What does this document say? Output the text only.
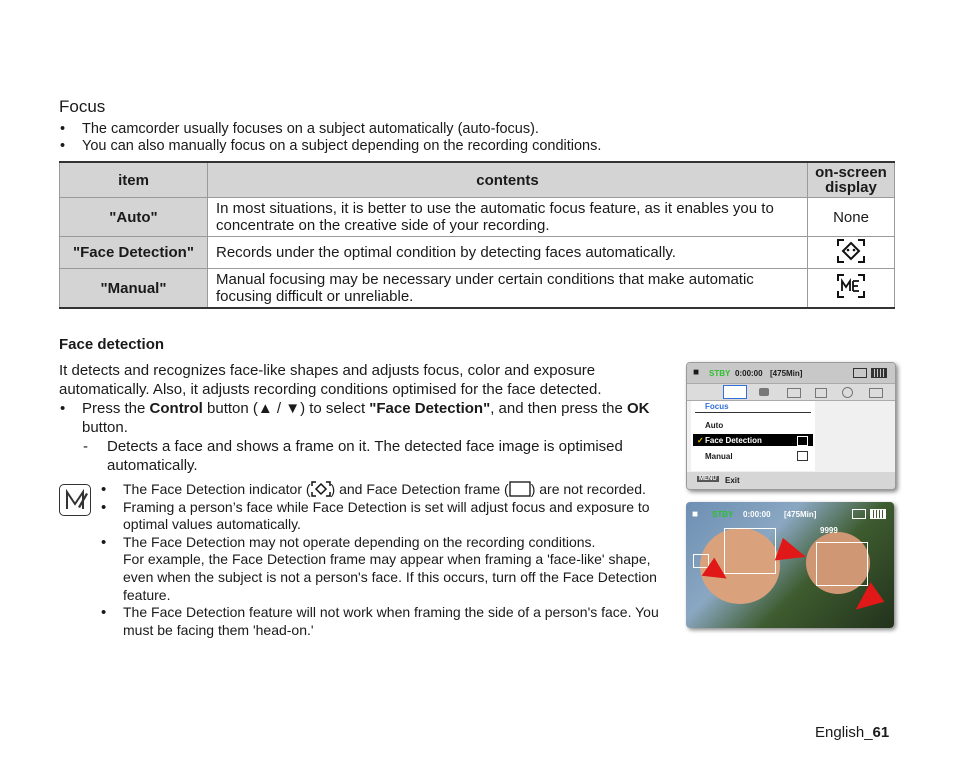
Focus
• The camcorder usually focuses on a subject automatically (auto-focus).
• You can also manually focus on a subject depending on the recording conditions.
item	contents	on-screen display
"Auto"	In most situations, it is better to use the automatic focus feature, as it enables you to concentrate on the creative side of your recording.	None
"Face Detection"	Records under the optimal condition by detecting faces automatically.	
"Manual"	Manual focusing may be necessary under certain conditions that make automatic focusing difficult or unreliable.	
Face detection

It detects and recognizes face-like shapes and adjusts focus, color and exposure automatically. Also, it adjusts recording conditions optimised for the face detected.

• Press the Control button (▲ / ▼) to select "Face Detection", and then press the OK button.

- Detects a face and shows a frame on it. The detected face image is optimised automatically.

• The Face Detection indicator ( ) and Face Detection frame ( ) are not recorded.
• Framing a person’s face while Face Detection is set will adjust focus and exposure to optimal values automatically.
• The Face Detection may not operate depending on the recording conditions.
For example, the Face Detection frame may appear when framing a 'face-like' shape, even when the subject is not a person's face. If this occurs, turn off the Face Detection feature.
• The Face Detection feature will not work when framing the side of a person's face. You must be facing them 'head-on.'
■ STBY 0:00:00 [475Min]
Focus
Auto
✓ Face Detection
Manual
MENU Exit
■ STBY 0:00:00 [475Min]
9999
English_61
